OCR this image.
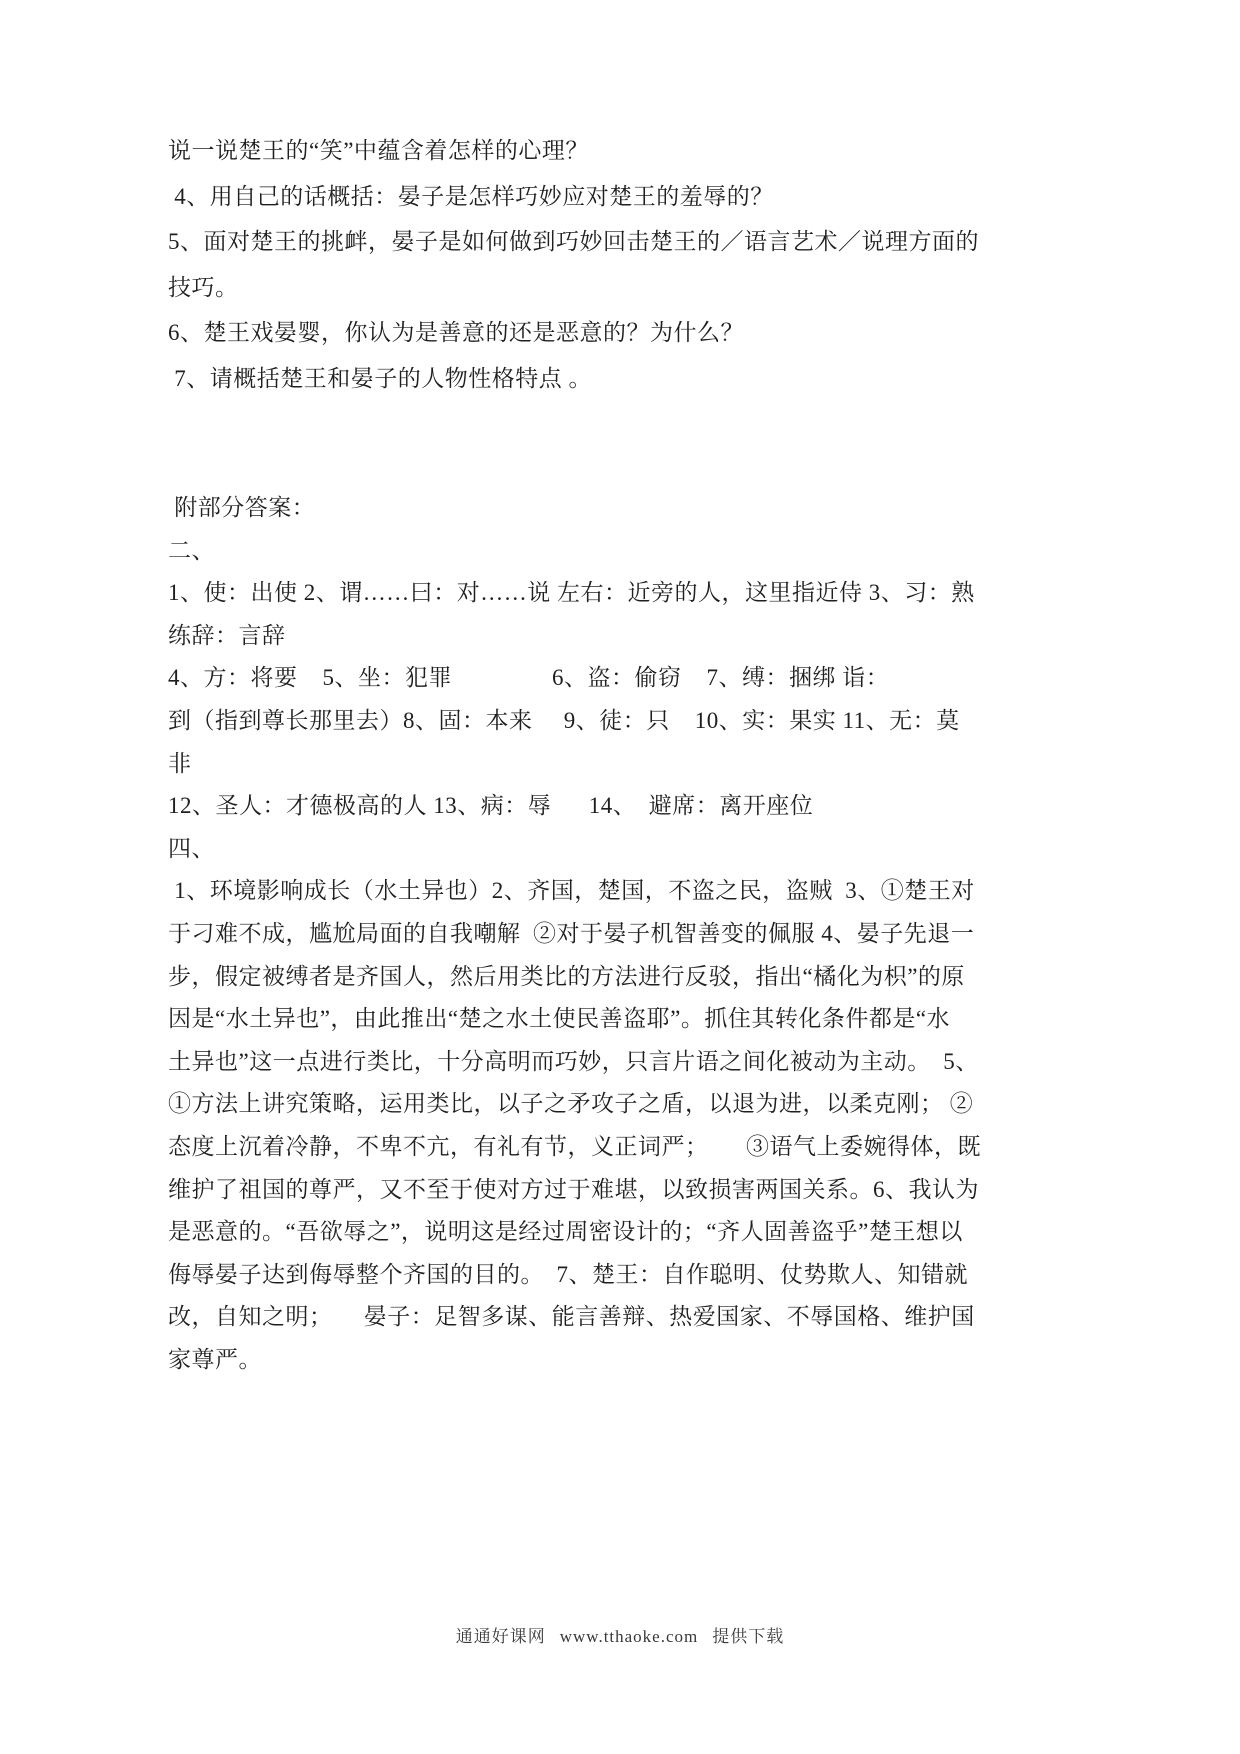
说一说楚王的“笑”中蕴含着怎样的心理？
4、用自己的话概括：晏子是怎样巧妙应对楚王的羞辱的？
5、面对楚王的挑衅，晏子是如何做到巧妙回击楚王的／语言艺术／说理方面的
技巧。
6、楚王戏晏婴，你认为是善意的还是恶意的？为什么？
7、请概括楚王和晏子的人物性格特点 。
附部分答案：
二、
1、使：出使 2、谓……曰：对……说 左右：近旁的人，这里指近侍 3、习：熟
练辞：言辞
4、方：将要    5、坐：犯罪                6、盗：偷窃    7、缚：捆绑 诣：
到（指到尊长那里去）8、固：本来     9、徒：只    10、实：果实 11、无：莫
非
12、圣人：才德极高的人 13、病：辱      14、  避席：离开座位
四、
1、环境影响成长（水土异也）2、齐国，楚国，不盗之民，盗贼  3、①楚王对
于刁难不成，尴尬局面的自我嘲解  ②对于晏子机智善变的佩服 4、晏子先退一
步，假定被缚者是齐国人，然后用类比的方法进行反驳，指出“橘化为枳”的原
因是“水土异也”，由此推出“楚之水土使民善盗耶”。抓住其转化条件都是“水
土异也”这一点进行类比，十分高明而巧妙，只言片语之间化被动为主动。  5、
①方法上讲究策略，运用类比，以子之矛攻子之盾，以退为进，以柔克刚； ②
态度上沉着冷静，不卑不亢，有礼有节，义正词严；      ③语气上委婉得体，既
维护了祖国的尊严，又不至于使对方过于难堪，以致损害两国关系。6、我认为
是恶意的。“吾欲辱之”，说明这是经过周密设计的；“齐人固善盗乎”楚王想以
侮辱晏子达到侮辱整个齐国的目的。  7、楚王：自作聪明、仗势欺人、知错就
改，自知之明；     晏子：足智多谋、能言善辩、热爱国家、不辱国格、维护国
家尊严。
通通好课网 www.tthaoke.com 提供下载
